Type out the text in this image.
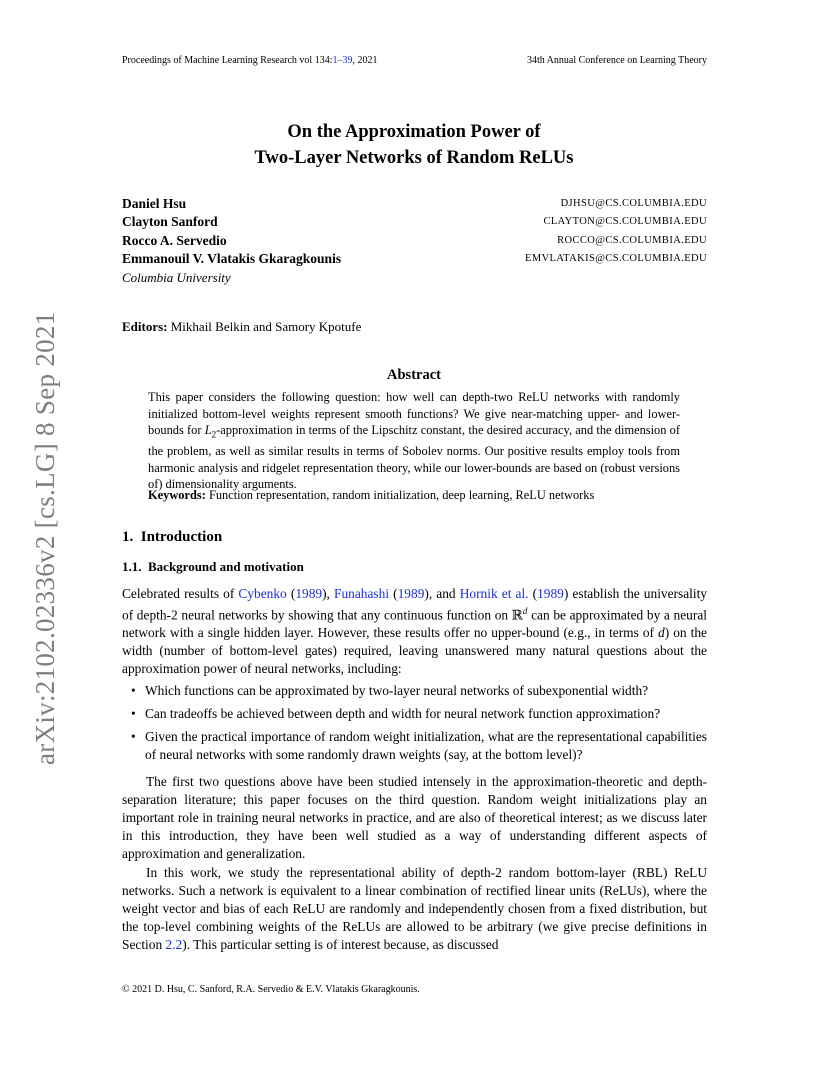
Proceedings of Machine Learning Research vol 134:1–39, 2021	34th Annual Conference on Learning Theory
On the Approximation Power of
Two-Layer Networks of Random ReLUs
Daniel Hsu	DJHSU@CS.COLUMBIA.EDU
Clayton Sanford	CLAYTON@CS.COLUMBIA.EDU
Rocco A. Servedio	ROCCO@CS.COLUMBIA.EDU
Emmanouil V. Vlatakis Gkaragkounis	EMVLATAKIS@CS.COLUMBIA.EDU
Columbia University
Editors: Mikhail Belkin and Samory Kpotufe
Abstract
This paper considers the following question: how well can depth-two ReLU networks with randomly initialized bottom-level weights represent smooth functions? We give near-matching upper- and lower-bounds for $L_2$-approximation in terms of the Lipschitz constant, the desired accuracy, and the dimension of the problem, as well as similar results in terms of Sobolev norms. Our positive results employ tools from harmonic analysis and ridgelet representation theory, while our lower-bounds are based on (robust versions of) dimensionality arguments.
Keywords: Function representation, random initialization, deep learning, ReLU networks
1. Introduction
1.1. Background and motivation
Celebrated results of Cybenko (1989), Funahashi (1989), and Hornik et al. (1989) establish the universality of depth-2 neural networks by showing that any continuous function on ℝ$^d$ can be approximated by a neural network with a single hidden layer. However, these results offer no upper-bound (e.g., in terms of d) on the width (number of bottom-level gates) required, leaving unanswered many natural questions about the approximation power of neural networks, including:
• Which functions can be approximated by two-layer neural networks of subexponential width?
• Can tradeoffs be achieved between depth and width for neural network function approximation?
• Given the practical importance of random weight initialization, what are the representational capabilities of neural networks with some randomly drawn weights (say, at the bottom level)?
The first two questions above have been studied intensely in the approximation-theoretic and depth-separation literature; this paper focuses on the third question. Random weight initializations play an important role in training neural networks in practice, and are also of theoretical interest; as we discuss later in this introduction, they have been well studied as a way of understanding different aspects of approximation and generalization.
In this work, we study the representational ability of depth-2 random bottom-layer (RBL) ReLU networks. Such a network is equivalent to a linear combination of rectified linear units (ReLUs), where the weight vector and bias of each ReLU are randomly and independently chosen from a fixed distribution, but the top-level combining weights of the ReLUs are allowed to be arbitrary (we give precise definitions in Section 2.2). This particular setting is of interest because, as discussed
© 2021 D. Hsu, C. Sanford, R.A. Servedio & E.V. Vlatakis Gkaragkounis.
arXiv:2102.02336v2 [cs.LG] 8 Sep 2021
